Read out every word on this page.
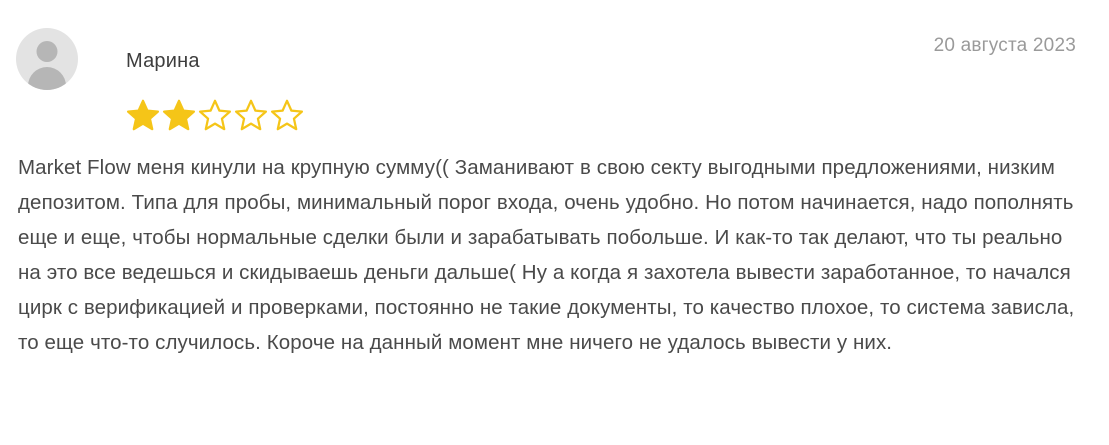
Марина
20 августа 2023

Market Flow меня кинули на крупную сумму(( Заманивают в свою секту выгодными предложениями, низким депозитом. Типа для пробы, минимальный порог входа, очень удобно. Но потом начинается, надо пополнять еще и еще, чтобы нормальные сделки были и зарабатывать побольше. И как-то так делают, что ты реально на это все ведешься и скидываешь деньги дальше( Ну а когда я захотела вывести заработанное, то начался цирк с верификацией и проверками, постоянно не такие документы, то качество плохое, то система зависла, то еще что-то случилось. Короче на данный момент мне ничего не удалось вывести у них.
